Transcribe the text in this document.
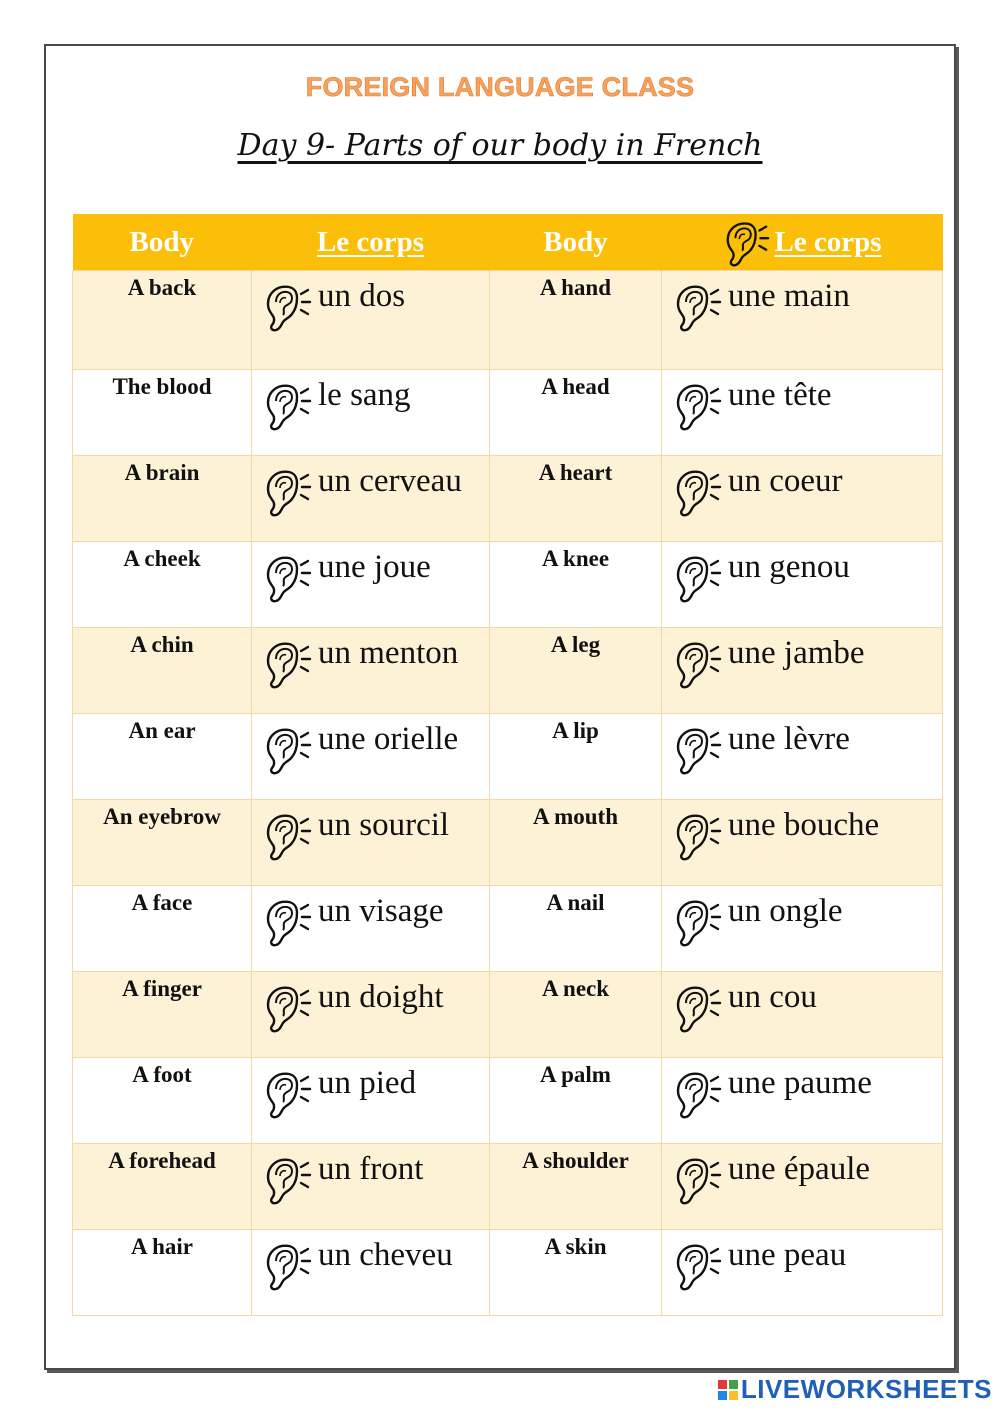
FOREIGN LANGUAGE CLASS
Day 9- Parts of our body in French
Body	Le corps	Body	Le corps

A back	un dos	A hand	une main

The blood	le sang	A head	une tête

A brain	un cerveau	A heart	un coeur

A cheek	une joue	A knee	un genou

A chin	un menton	A leg	une jambe

An ear	une orielle	A lip	une lèvre

An eyebrow	un sourcil	A mouth	une bouche

A face	un visage	A nail	un ongle

A finger	un doight	A neck	un cou

A foot	un pied	A palm	une paume

A forehead	un front	A shoulder	une épaule

A hair	un cheveu	A skin	une peau
LIVEWORKSHEETS
